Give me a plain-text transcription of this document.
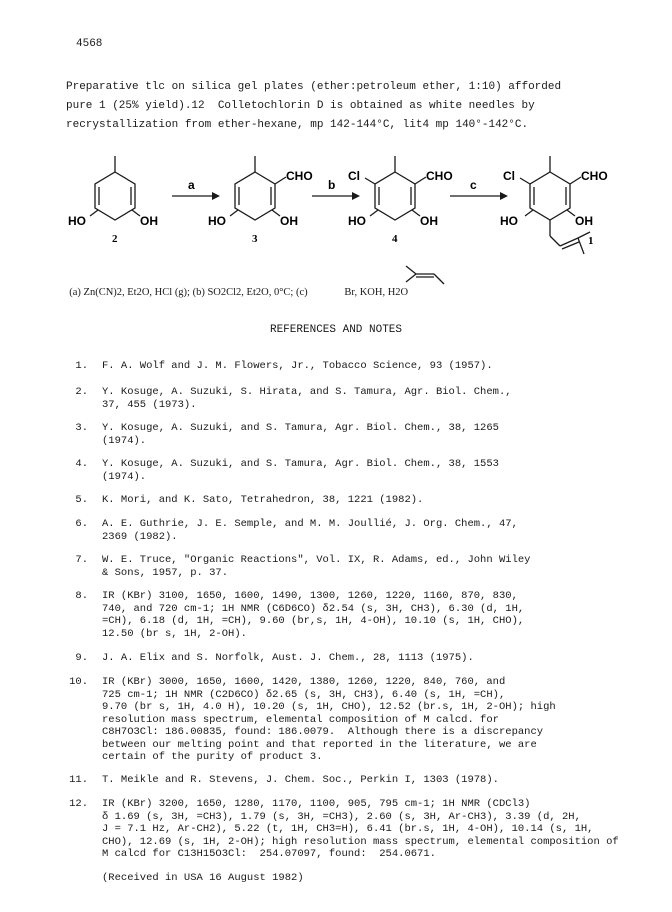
4568

Preparative tlc on silica gel plates (ether:petroleum ether, 1:10) afforded

pure 1 (25% yield).12  Colletochlorin D is obtained as white needles by

recrystallization from ether-hexane, mp 142-144°C, lit4 mp 140°-142°C.

a	b	c
HO	OH	HO	OH
CHO	Cl	CHO
HO	OH
Cl	CHO
HO	OH
2	3	4	1

(a) Zn(CN)2, Et2O, HCl (g); (b) SO2Cl2, Et2O, 0°C; (c)              Br, KOH, H2O

REFERENCES AND NOTES
1. F. A. Wolf and J. M. Flowers, Jr., Tobacco Science, 93 (1957).
2. Y. Kosuge, A. Suzuki, S. Hirata, and S. Tamura, Agr. Biol. Chem.,
37, 455 (1973).
3. Y. Kosuge, A. Suzuki, and S. Tamura, Agr. Biol. Chem., 38, 1265
(1974).
4. Y. Kosuge, A. Suzuki, and S. Tamura, Agr. Biol. Chem., 38, 1553
(1974).
5. K. Mori, and K. Sato, Tetrahedron, 38, 1221 (1982).
6. A. E. Guthrie, J. E. Semple, and M. M. Joullié, J. Org. Chem., 47,
2369 (1982).
7. W. E. Truce, "Organic Reactions", Vol. IX, R. Adams, ed., John Wiley
& Sons, 1957, p. 37.
8. IR (KBr) 3100, 1650, 1600, 1490, 1300, 1260, 1220, 1160, 870, 830,
740, and 720 cm-1; 1H NMR (C6D6CO) δ2.54 (s, 3H, CH3), 6.30 (d, 1H,
=CH), 6.18 (d, 1H, =CH), 9.60 (br,s, 1H, 4-OH), 10.10 (s, 1H, CHO),
12.50 (br s, 1H, 2-OH).
9. J. A. Elix and S. Norfolk, Aust. J. Chem., 28, 1113 (1975).
10. IR (KBr) 3000, 1650, 1600, 1420, 1380, 1260, 1220, 840, 760, and
725 cm-1; 1H NMR (C2D6CO) δ2.65 (s, 3H, CH3), 6.40 (s, 1H, =CH),
9.70 (br s, 1H, 4.0 H), 10.20 (s, 1H, CHO), 12.52 (br.s, 1H, 2-OH); high
resolution mass spectrum, elemental composition of M calcd. for
C8H7O3Cl: 186.00835, found: 186.0079.  Although there is a discrepancy
between our melting point and that reported in the literature, we are
certain of the purity of product 3.
11. T. Meikle and R. Stevens, J. Chem. Soc., Perkin I, 1303 (1978).
12. IR (KBr) 3200, 1650, 1280, 1170, 1100, 905, 795 cm-1; 1H NMR (CDCl3)
δ 1.69 (s, 3H, =CH3), 1.79 (s, 3H, =CH3), 2.60 (s, 3H, Ar-CH3), 3.39 (d, 2H,
J = 7.1 Hz, Ar-CH2), 5.22 (t, 1H, CH3=H), 6.41 (br.s, 1H, 4-OH), 10.14 (s, 1H,
CHO), 12.69 (s, 1H, 2-OH); high resolution mass spectrum, elemental composition of
M calcd for C13H15O3Cl:  254.07097, found:  254.0671.
(Received in USA 16 August 1982)
